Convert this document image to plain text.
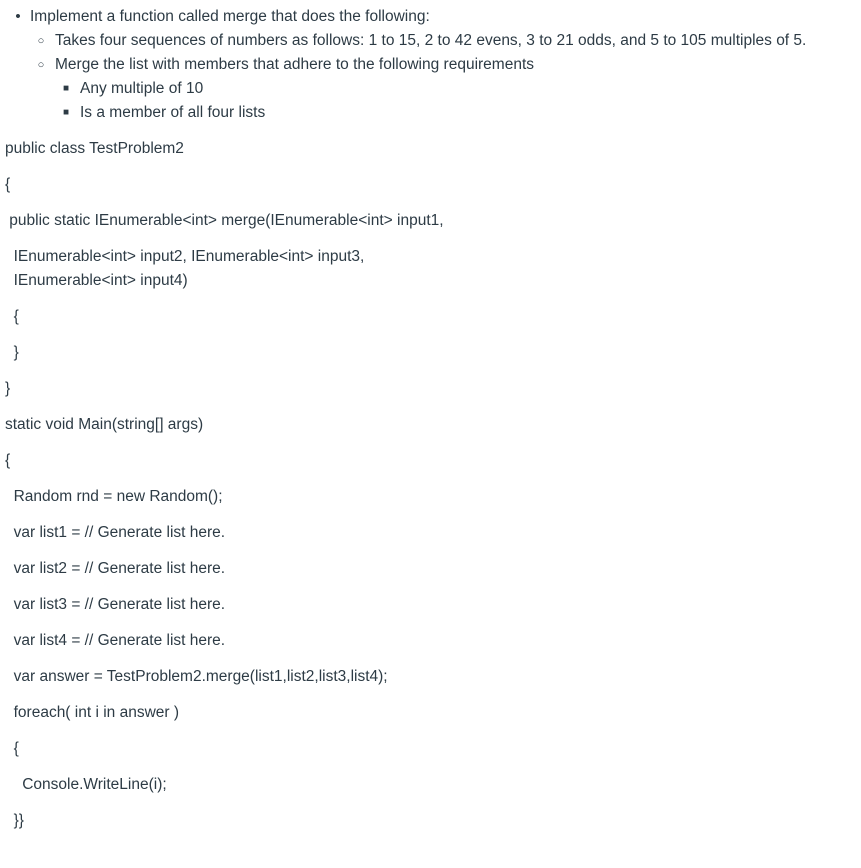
• Implement a function called merge that does the following:
○ Takes four sequences of numbers as follows: 1 to 15, 2 to 42 evens, 3 to 21 odds, and 5 to 105 multiples of 5.
○ Merge the list with members that adhere to the following requirements
■ Any multiple of 10
■ Is a member of all four lists
public class TestProblem2
{
public static IEnumerable<int> merge(IEnumerable<int> input1,
IEnumerable<int> input2, IEnumerable<int> input3,
IEnumerable<int> input4)
{
}
}
static void Main(string[] args)
{
Random rnd = new Random();
var list1 = // Generate list here.
var list2 = // Generate list here.
var list3 = // Generate list here.
var list4 = // Generate list here.
var answer = TestProblem2.merge(list1,list2,list3,list4);
foreach( int i in answer )
{
Console.WriteLine(i);
}}
